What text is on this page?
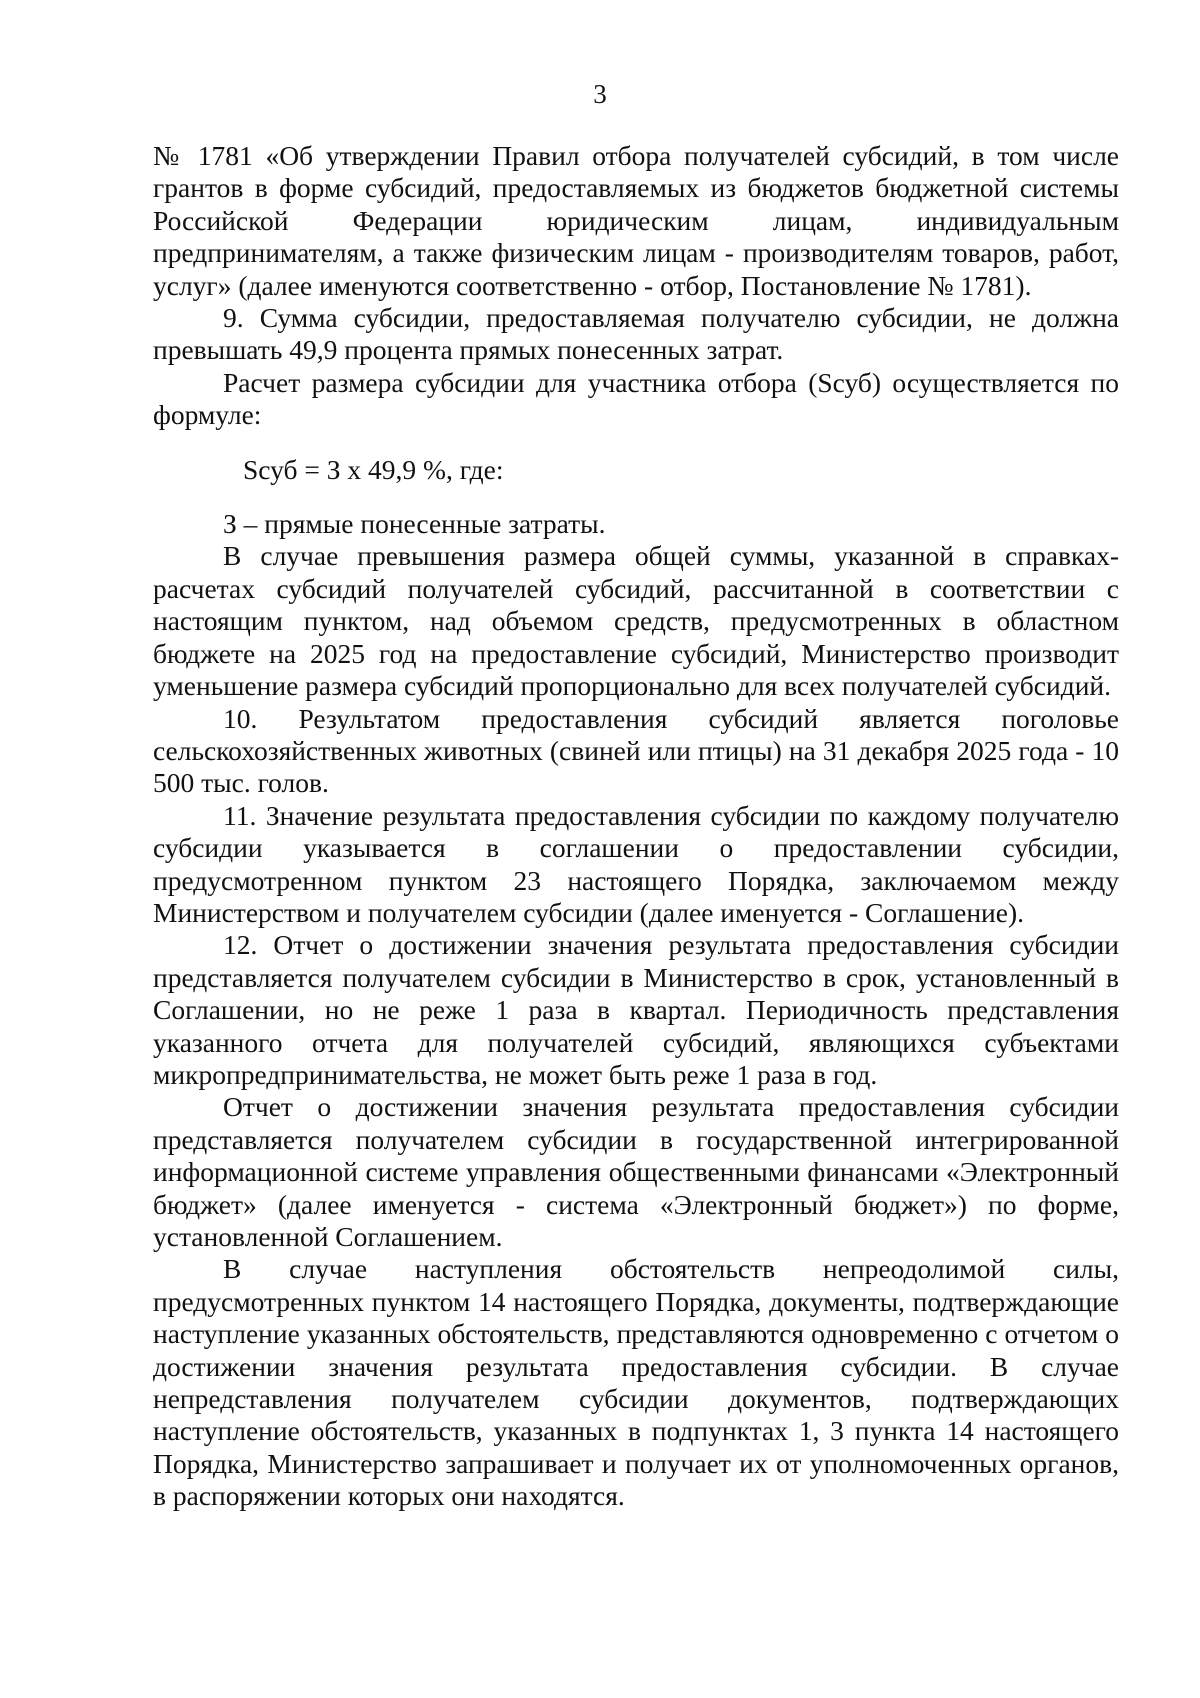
3

№ 1781 «Об утверждении Правил отбора получателей субсидий, в том числе грантов в форме субсидий, предоставляемых из бюджетов бюджетной системы Российской Федерации юридическим лицам, индивидуальным предпринимателям, а также физическим лицам - производителям товаров, работ, услуг» (далее именуются соответственно - отбор, Постановление № 1781).

9. Сумма субсидии, предоставляемая получателю субсидии, не должна превышать 49,9 процента прямых понесенных затрат.

Расчет размера субсидии для участника отбора (Sсуб) осуществляется по формуле:

Sсуб = З х 49,9 %, где:

З – прямые понесенные затраты.

В случае превышения размера общей суммы, указанной в справках-расчетах субсидий получателей субсидий, рассчитанной в соответствии с настоящим пунктом, над объемом средств, предусмотренных в областном бюджете на 2025 год на предоставление субсидий, Министерство производит уменьшение размера субсидий пропорционально для всех получателей субсидий.

10. Результатом предоставления субсидий является поголовье сельскохозяйственных животных (свиней или птицы) на 31 декабря 2025 года - 10 500 тыс. голов.

11. Значение результата предоставления субсидии по каждому получателю субсидии указывается в соглашении о предоставлении субсидии, предусмотренном пунктом 23 настоящего Порядка, заключаемом между Министерством и получателем субсидии (далее именуется - Соглашение).

12. Отчет о достижении значения результата предоставления субсидии представляется получателем субсидии в Министерство в срок, установленный в Соглашении, но не реже 1 раза в квартал. Периодичность представления указанного отчета для получателей субсидий, являющихся субъектами микропредпринимательства, не может быть реже 1 раза в год.

Отчет о достижении значения результата предоставления субсидии представляется получателем субсидии в государственной интегрированной информационной системе управления общественными финансами «Электронный бюджет» (далее именуется - система «Электронный бюджет») по форме, установленной Соглашением.

В случае наступления обстоятельств непреодолимой силы, предусмотренных пунктом 14 настоящего Порядка, документы, подтверждающие наступление указанных обстоятельств, представляются одновременно с отчетом о достижении значения результата предоставления субсидии. В случае непредставления получателем субсидии документов, подтверждающих наступление обстоятельств, указанных в подпунктах 1, 3 пункта 14 настоящего Порядка, Министерство запрашивает и получает их от уполномоченных органов, в распоряжении которых они находятся.
